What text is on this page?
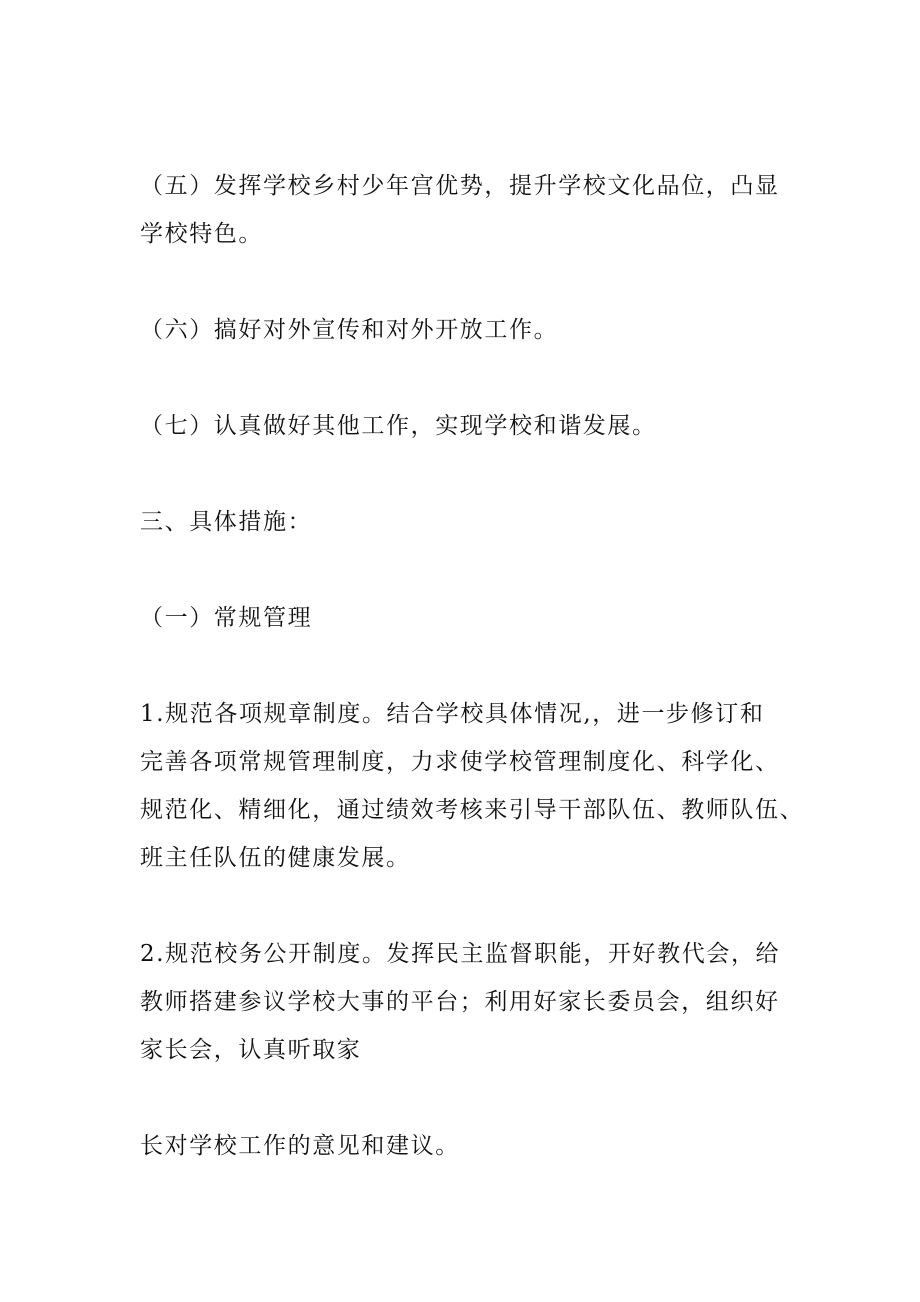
（五）发挥学校乡村少年宫优势，提升学校文化品位，凸显
学校特色。

（六）搞好对外宣传和对外开放工作。

（七）认真做好其他工作，实现学校和谐发展。

三、具体措施：

（一）常规管理

1.规范各项规章制度。结合学校具体情况,，进一步修订和
完善各项常规管理制度，力求使学校管理制度化、科学化、
规范化、精细化，通过绩效考核来引导干部队伍、教师队伍、
班主任队伍的健康发展。

2.规范校务公开制度。发挥民主监督职能，开好教代会，给
教师搭建参议学校大事的平台；利用好家长委员会，组织好
家长会，认真听取家

长对学校工作的意见和建议。
